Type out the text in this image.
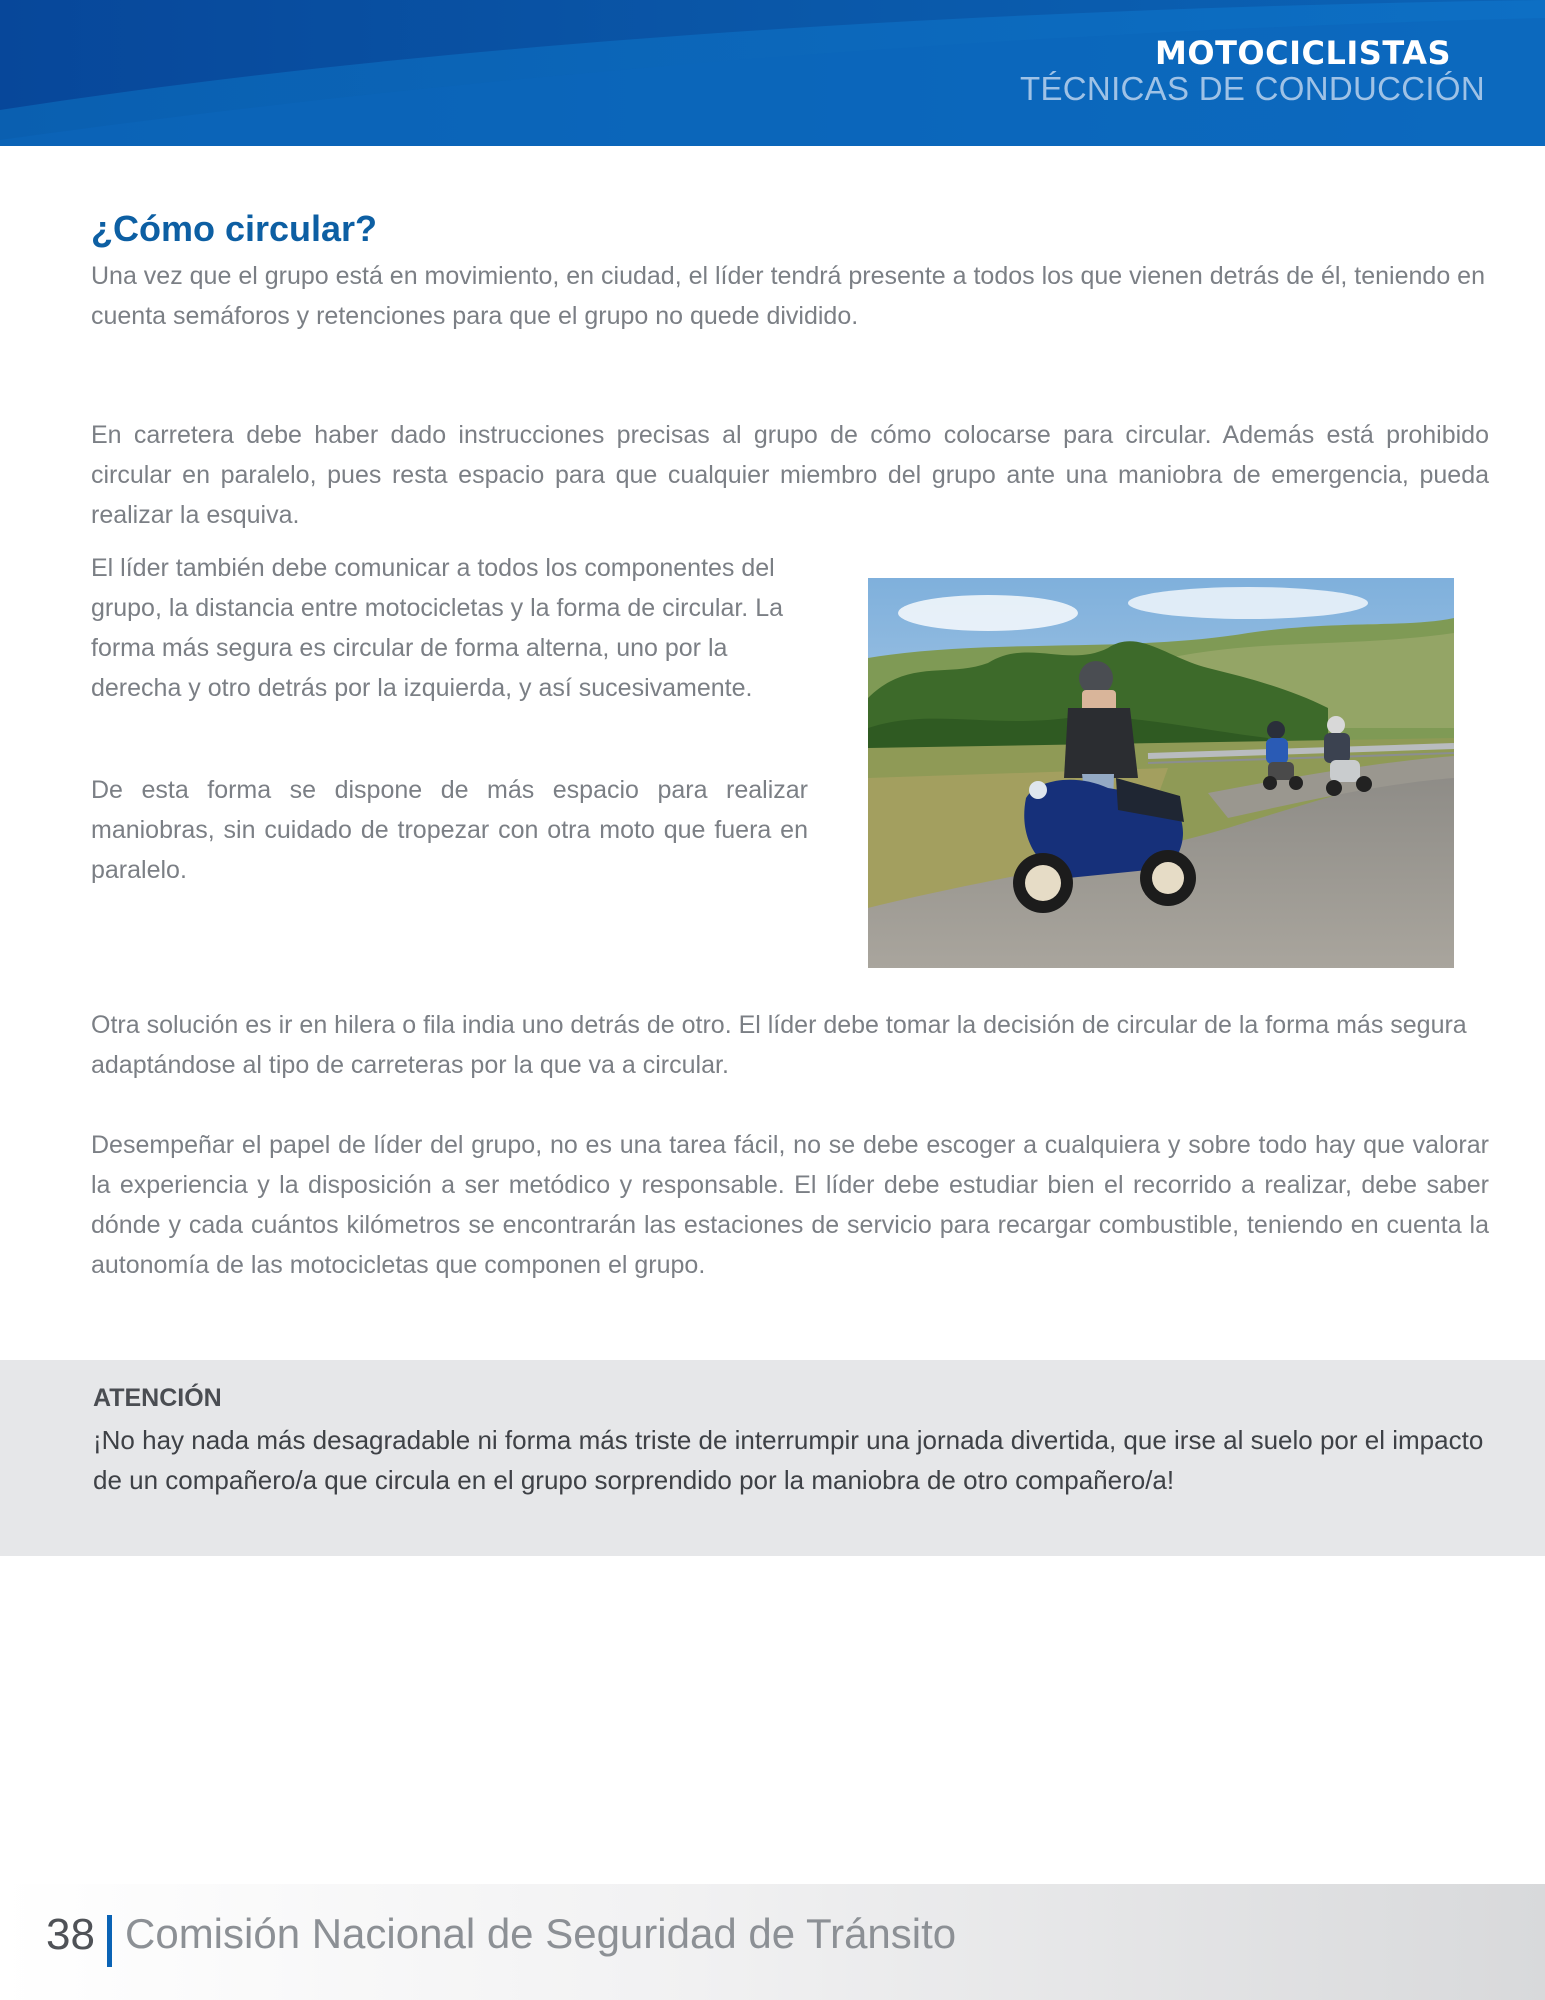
MOTOCICLISTAS
TÉCNICAS DE CONDUCCIÓN
¿Cómo circular?
Una vez que el grupo está en movimiento, en ciudad, el líder tendrá presente a todos los que vienen detrás de él, teniendo en cuenta semáforos y retenciones para que el grupo no quede dividido.
En carretera debe haber dado instrucciones precisas al grupo de cómo colocarse para circular. Además está prohibido circular en paralelo, pues resta espacio para que cualquier miembro del grupo ante una maniobra de emergencia, pueda realizar la esquiva.
El líder también debe comunicar a todos los componentes del grupo, la distancia entre motocicletas y la forma de circular. La forma más segura es circular de forma alterna, uno por la derecha y otro detrás por la izquierda, y así sucesivamente.
De esta forma se dispone de más espacio para realizar maniobras, sin cuidado de tropezar con otra moto que fuera en paralelo.
Otra solución es ir en hilera o fila india uno detrás de otro. El líder debe tomar la decisión de circular de la forma más segura adaptándose al tipo de carreteras por la que va a circular.
Desempeñar el papel de líder del grupo, no es una tarea fácil, no se debe escoger a cualquiera y sobre todo hay que valorar la experiencia y la disposición a ser metódico y responsable. El líder debe estudiar bien el recorrido a realizar, debe saber dónde y cada cuántos kilómetros se encontrarán las estaciones de servicio para recargar combustible, teniendo en cuenta la autonomía de las motocicletas que componen el grupo.
ATENCIÓN
¡No hay nada más desagradable ni forma más triste de interrumpir una jornada divertida, que irse al suelo por el impacto de un compañero/a que circula en el grupo sorprendido por la maniobra de otro compañero/a!
38 Comisión Nacional de Seguridad de Tránsito
